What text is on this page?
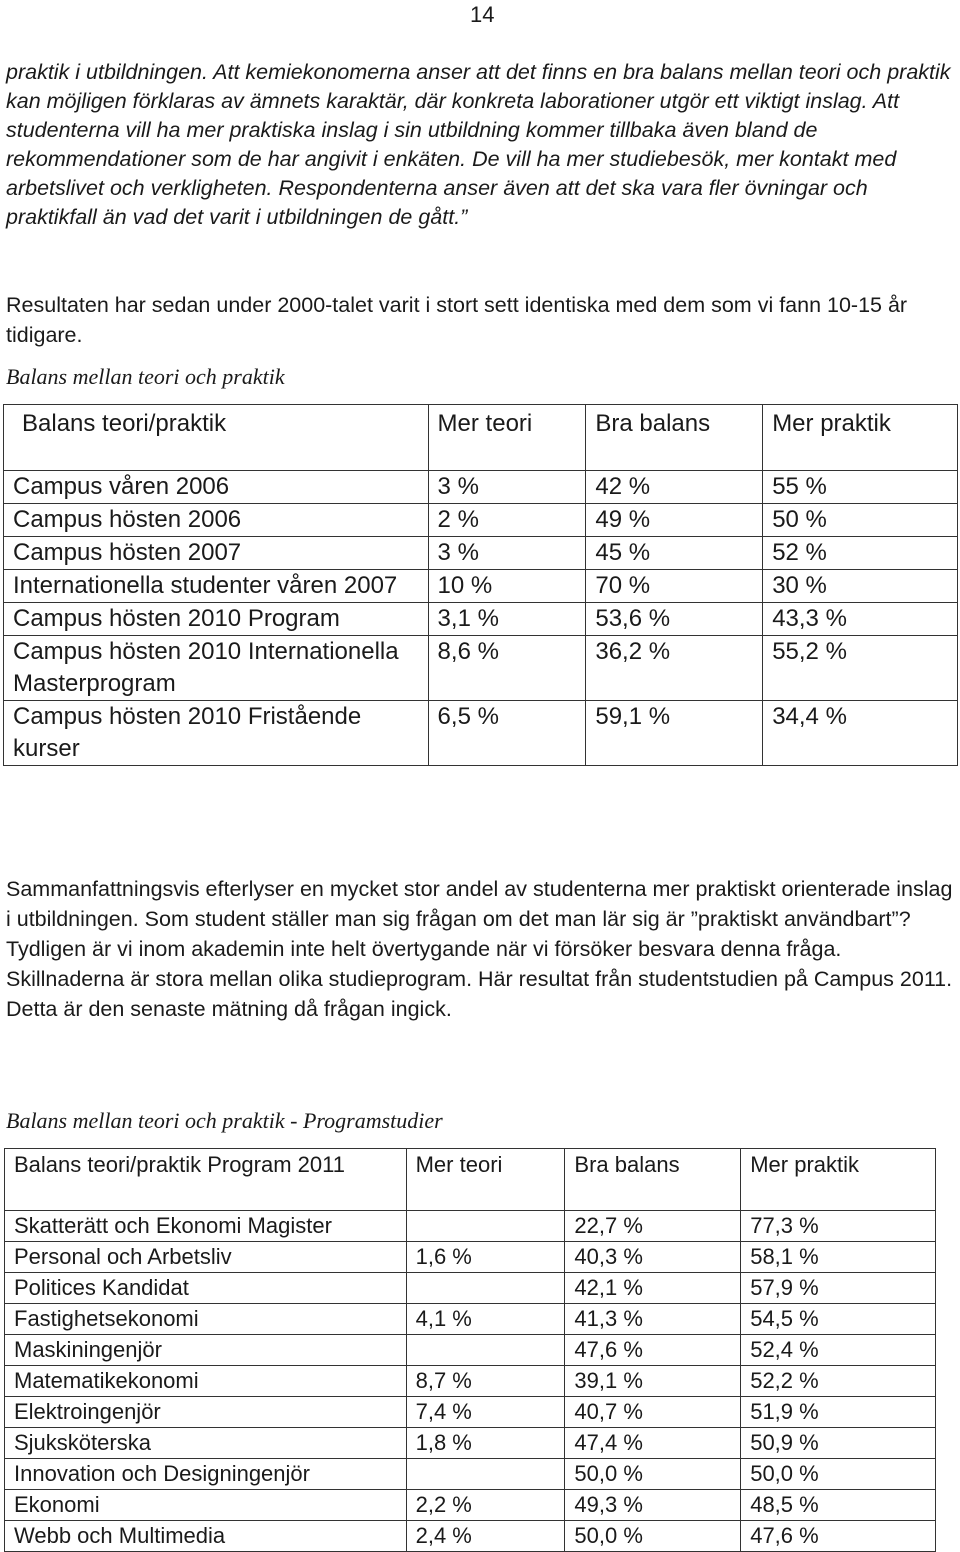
14

praktik i utbildningen. Att kemiekonomerna anser att det finns en bra balans mellan teori och praktik kan möjligen förklaras av ämnets karaktär, där konkreta laborationer utgör ett viktigt inslag. Att studenterna vill ha mer praktiska inslag i sin utbildning kommer tillbaka även bland de rekommendationer som de har angivit i enkäten. De vill ha mer studiebesök, mer kontakt med arbetslivet och verkligheten. Respondenterna anser även att det ska vara fler övningar och praktikfall än vad det varit i utbildningen de gått.”

Resultaten har sedan under 2000-talet varit i stort sett identiska med dem som vi fann 10-15 år tidigare.

Balans mellan teori och praktik
Balans teori/praktik	Mer teori	Bra balans	Mer praktik
Campus våren 2006	3 %	42 %	55 %
Campus hösten 2006	2 %	49 %	50 %
Campus hösten 2007	3 %	45 %	52 %
Internationella studenter våren 2007	10 %	70 %	30 %
Campus hösten 2010 Program	3,1 %	53,6 %	43,3 %
Campus hösten 2010 Internationella Masterprogram	8,6 %	36,2 %	55,2 %
Campus hösten 2010 Fristående kurser	6,5 %	59,1 %	34,4 %

Sammanfattningsvis efterlyser en mycket stor andel av studenterna mer praktiskt orienterade inslag i utbildningen. Som student ställer man sig frågan om det man lär sig är ”praktiskt användbart”? Tydligen är vi inom akademin inte helt övertygande när vi försöker besvara denna fråga. Skillnaderna är stora mellan olika studieprogram. Här resultat från studentstudien på Campus 2011. Detta är den senaste mätning då frågan ingick.

Balans mellan teori och praktik - Programstudier
Balans teori/praktik Program 2011	Mer teori	Bra balans	Mer praktik
Skatterätt och Ekonomi Magister		22,7 %	77,3 %
Personal och Arbetsliv	1,6 %	40,3 %	58,1 %
Politices Kandidat		42,1 %	57,9 %
Fastighetsekonomi	4,1 %	41,3 %	54,5 %
Maskiningenjör		47,6 %	52,4 %
Matematikekonomi	8,7 %	39,1 %	52,2 %
Elektroingenjör	7,4 %	40,7 %	51,9 %
Sjuksköterska	1,8 %	47,4 %	50,9 %
Innovation och Designingenjör		50,0 %	50,0 %
Ekonomi	2,2 %	49,3 %	48,5 %
Webb och Multimedia	2,4 %	50,0 %	47,6 %
